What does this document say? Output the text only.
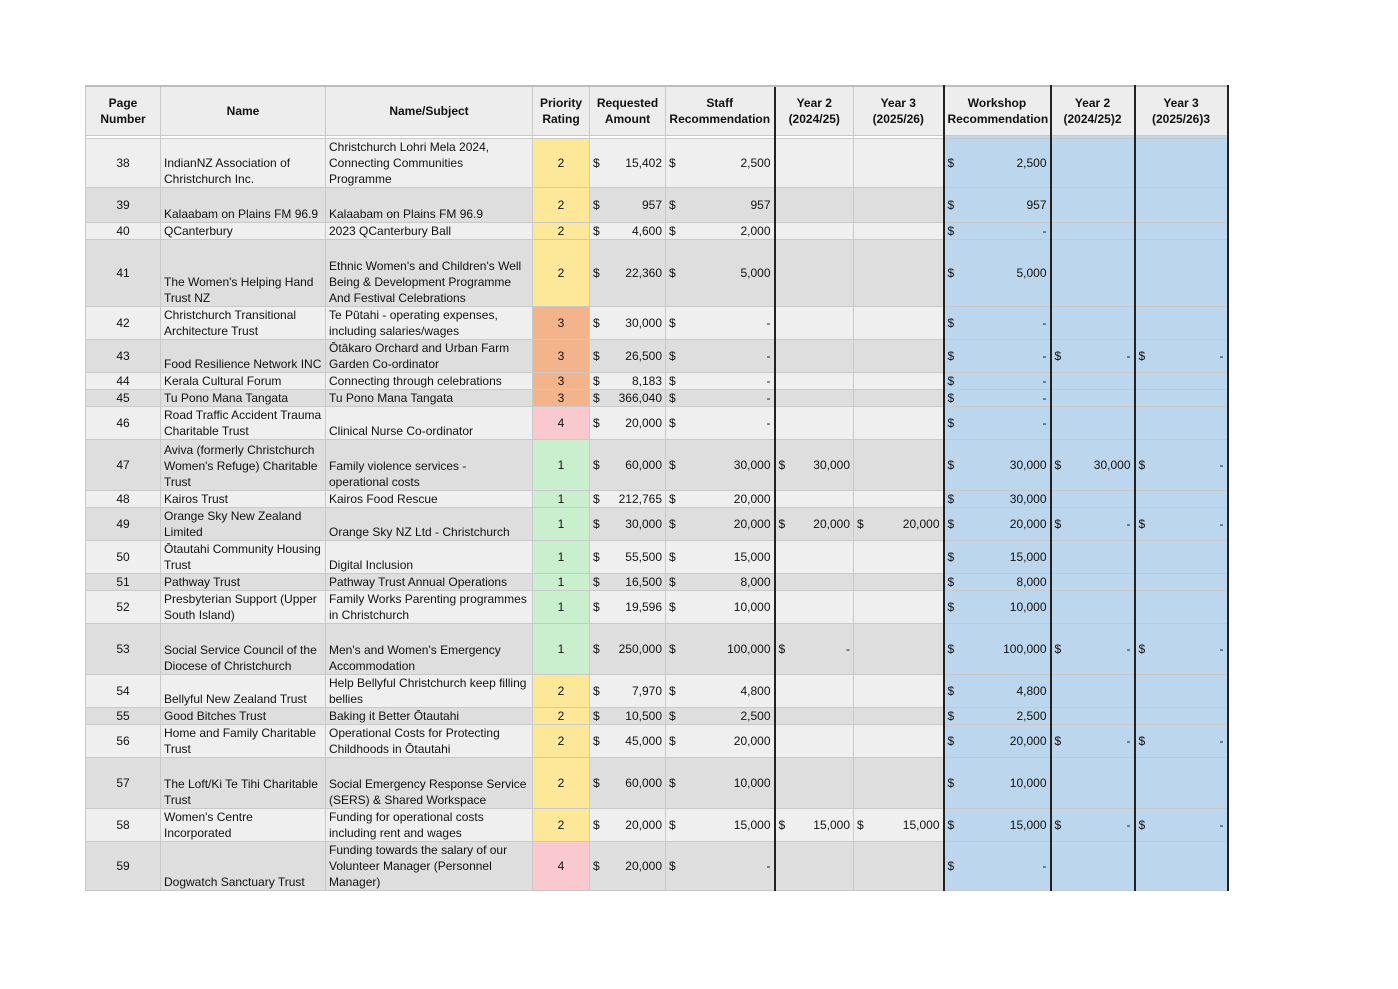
Page Number	Name	Name/Subject	Priority Rating	Requested Amount	Staff Recommendation	Year 2 (2024/25)	Year 3 (2025/26)	Workshop Recommendation	Year 2 (2024/25)2	Year 3 (2025/26)3

38	IndianNZ Association of Christchurch Inc.	Christchurch Lohri Mela 2024, Connecting Communities Programme	2	$ 15,402	$ 2,500			$ 2,500		

39	Kalaabam on Plains FM 96.9	Kalaabam on Plains FM 96.9	2	$ 957	$ 957			$ 957		

40	QCanterbury	2023 QCanterbury Ball	2	$ 4,600	$ 2,000			$ -		

41	The Women's Helping Hand Trust NZ	Ethnic Women's and Children's Well Being & Development Programme And Festival Celebrations	2	$ 22,360	$ 5,000			$ 5,000		

42	Christchurch Transitional Architecture Trust	Te Pūtahi - operating expenses, including salaries/wages	3	$ 30,000	$ -			$ -		

43	Food Resilience Network INC	Ōtākaro Orchard and Urban Farm Garden Co-ordinator	3	$ 26,500	$ -			$ -	$ -	$ -

44	Kerala Cultural Forum	Connecting through celebrations	3	$ 8,183	$ -			$ -		

45	Tu Pono Mana Tangata	Tu Pono Mana Tangata	3	$ 366,040	$ -			$ -		

46	Road Traffic Accident Trauma Charitable Trust	Clinical Nurse Co-ordinator	4	$ 20,000	$ -			$ -		

47	Aviva (formerly Christchurch Women's Refuge) Charitable Trust	Family violence services - operational costs	1	$ 60,000	$ 30,000	$ 30,000		$ 30,000	$ 30,000	$ -

48	Kairos Trust	Kairos Food Rescue	1	$ 212,765	$ 20,000			$ 30,000		

49	Orange Sky New Zealand Limited	Orange Sky NZ Ltd - Christchurch	1	$ 30,000	$ 20,000	$ 20,000	$ 20,000	$ 20,000	$ -	$ -

50	Ōtautahi Community Housing Trust	Digital Inclusion	1	$ 55,500	$ 15,000			$ 15,000		

51	Pathway Trust	Pathway Trust Annual Operations	1	$ 16,500	$ 8,000			$ 8,000		

52	Presbyterian Support (Upper South Island)	Family Works Parenting programmes in Christchurch	1	$ 19,596	$ 10,000			$ 10,000		

53	Social Service Council of the Diocese of Christchurch	Men's and Women's Emergency Accommodation	1	$ 250,000	$ 100,000	$ -		$ 100,000	$ -	$ -

54	Bellyful New Zealand Trust	Help Bellyful Christchurch keep filling bellies	2	$ 7,970	$ 4,800			$ 4,800		

55	Good Bitches Trust	Baking it Better Ōtautahi	2	$ 10,500	$ 2,500			$ 2,500		

56	Home and Family Charitable Trust	Operational Costs for Protecting Childhoods in Ōtautahi	2	$ 45,000	$ 20,000			$ 20,000	$ -	$ -

57	The Loft/Ki Te Tihi Charitable Trust	Social Emergency Response Service (SERS) & Shared Workspace	2	$ 60,000	$ 10,000			$ 10,000		

58	Women's Centre Incorporated	Funding for operational costs including rent and wages	2	$ 20,000	$ 15,000	$ 15,000	$ 15,000	$ 15,000	$ -	$ -

59	Dogwatch Sanctuary Trust	Funding towards the salary of our Volunteer Manager (Personnel Manager)	4	$ 20,000	$ -			$ -		
